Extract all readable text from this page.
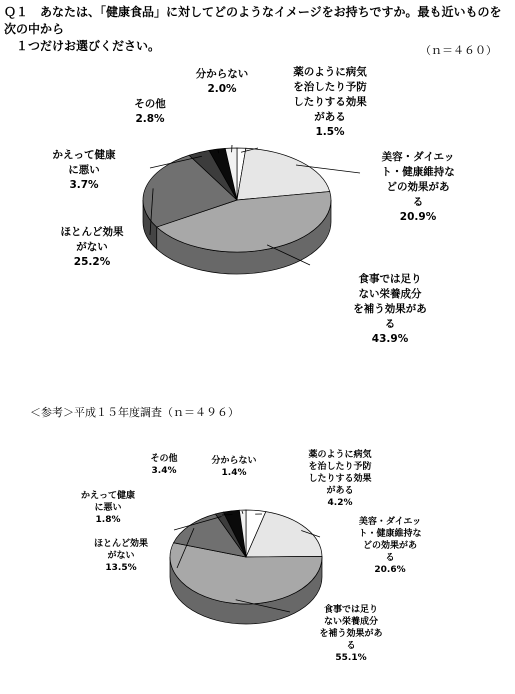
Ｑ１　あなたは、「健康食品」に対してどのようなイメージをお持ちですか。最も近いものを次の中から
　１つだけお選びください。	（ｎ＝４６０）
＜参考＞平成１５年度調査（ｎ＝４９６）
薬のように病気
を治したり予防
したりする効果
がある
1.5%
美容・ダイエッ
ト・健康維持な
どの効果があ
る
20.9%
食事では足り
ない栄養成分
を補う効果があ
る
43.9%
ほとんど効果
がない
25.2%
かえって健康
に悪い
3.7%
その他
2.8%
分からない
2.0%
薬のように病気
を治したり予防
したりする効果
がある
4.2%
美容・ダイエッ
ト・健康維持な
どの効果があ
る
20.6%
食事では足り
ない栄養成分
を補う効果があ
る
55.1%
ほとんど効果
がない
13.5%
かえって健康
に悪い
1.8%
その他
3.4%
分からない
1.4%
